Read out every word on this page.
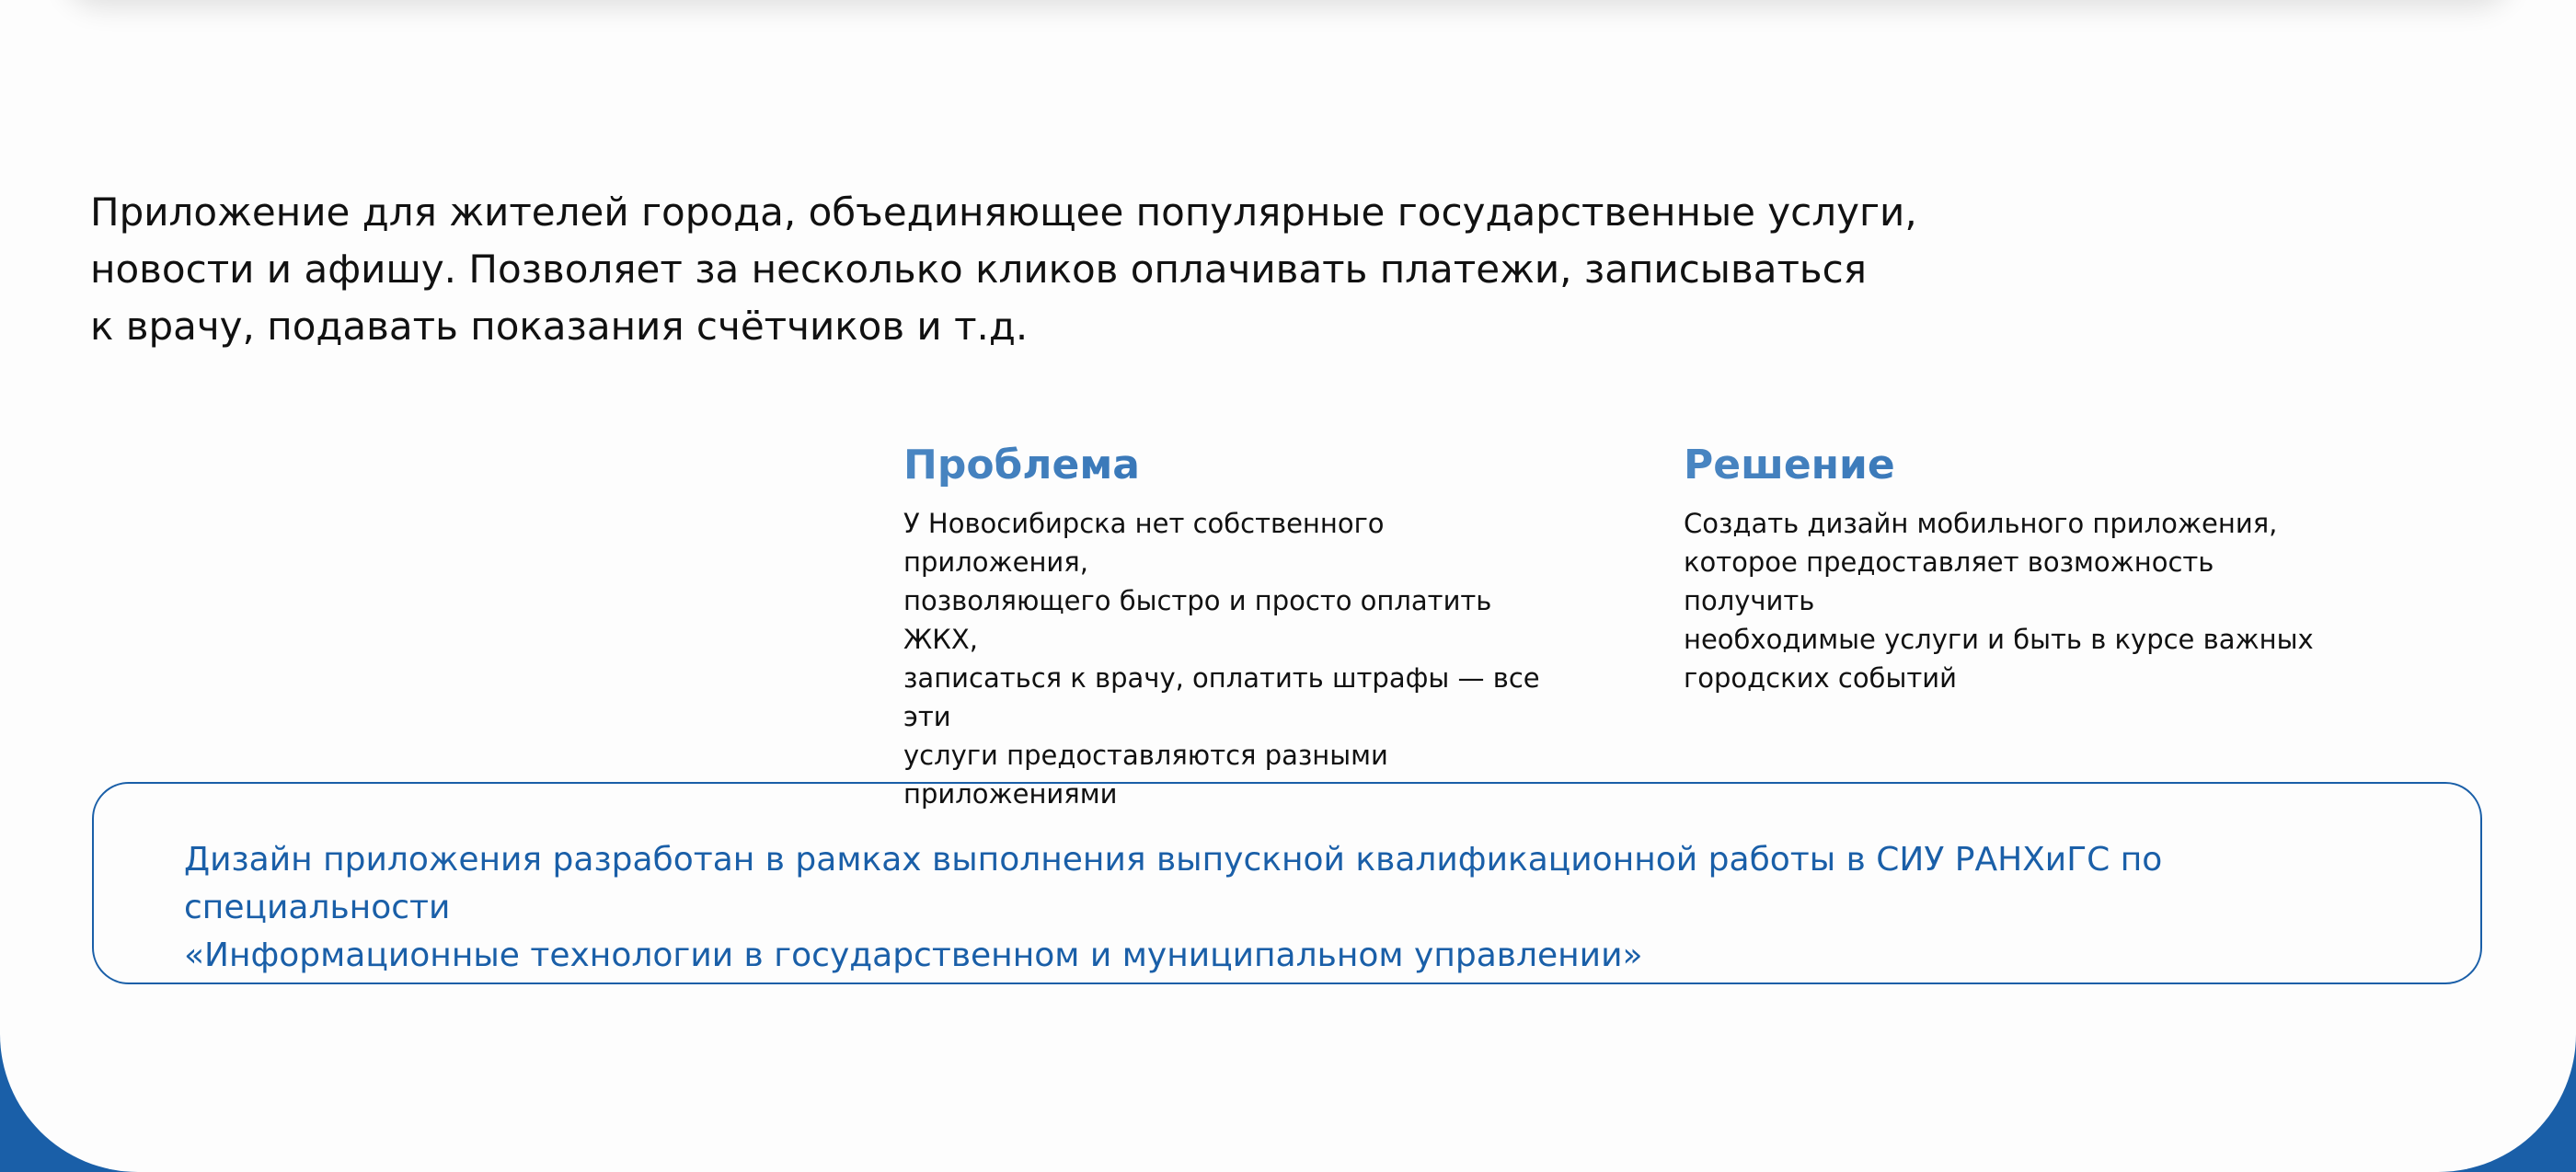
Приложение для жителей города, объединяющее популярные государственные услуги,
новости и афишу. Позволяет за несколько кликов оплачивать платежи, записываться
к врачу, подавать показания счётчиков и т.д.

Проблема

У Новосибирска нет собственного приложения,
позволяющего быстро и просто оплатить ЖКХ,
записаться к врачу, оплатить штрафы — все эти
услуги предоставляются разными приложениями

Решение

Создать дизайн мобильного приложения,
которое предоставляет возможность получить
необходимые услуги и быть в курсе важных
городских событий

Дизайн приложения разработан в рамках выполнения выпускной квалификационной работы в СИУ РАНХиГС по специальности
«Информационные технологии в государственном и муниципальном управлении»
